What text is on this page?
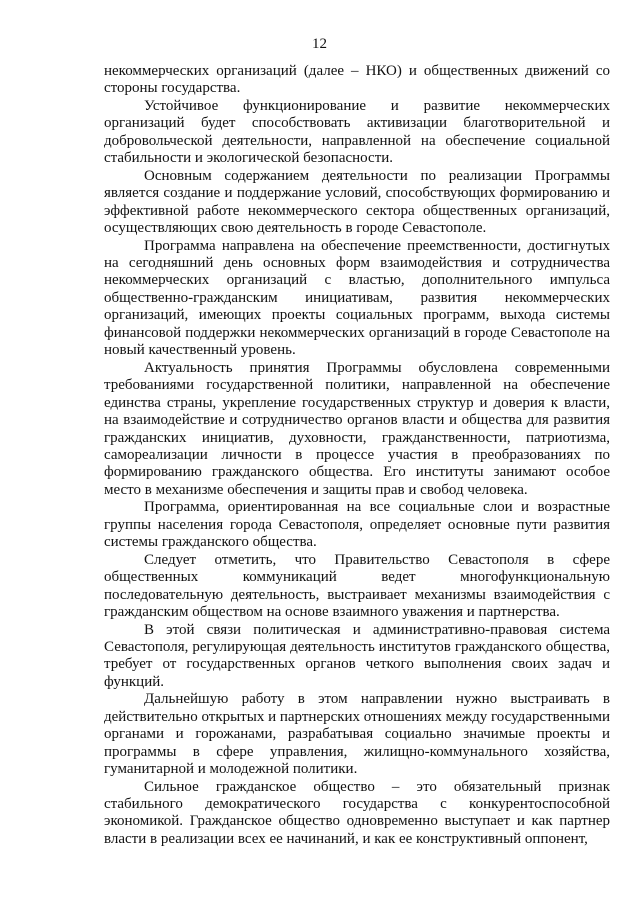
12

некоммерческих организаций (далее – НКО) и общественных движений со стороны государства.

Устойчивое функционирование и развитие некоммерческих организаций будет способствовать активизации благотворительной и добровольческой деятельности, направленной на обеспечение социальной стабильности и экологической безопасности.

Основным содержанием деятельности по реализации Программы является создание и поддержание условий, способствующих формированию и эффективной работе некоммерческого сектора общественных организаций, осуществляющих свою деятельность в городе Севастополе.

Программа направлена на обеспечение преемственности, достигнутых на сегодняшний день основных форм взаимодействия и сотрудничества некоммерческих организаций с властью, дополнительного импульса общественно-гражданским инициативам, развития некоммерческих организаций, имеющих проекты социальных программ, выхода системы финансовой поддержки некоммерческих организаций в городе Севастополе на новый качественный уровень.

Актуальность принятия Программы обусловлена современными требованиями государственной политики, направленной на обеспечение единства страны, укрепление государственных структур и доверия к власти, на взаимодействие и сотрудничество органов власти и общества для развития гражданских инициатив, духовности, гражданственности, патриотизма, самореализации личности в процессе участия в преобразованиях по формированию гражданского общества. Его институты занимают особое место в механизме обеспечения и защиты прав и свобод человека.

Программа, ориентированная на все социальные слои и возрастные группы населения города Севастополя, определяет основные пути развития системы гражданского общества.

Следует отметить, что Правительство Севастополя в сфере общественных коммуникаций ведет многофункциональную последовательную деятельность, выстраивает механизмы взаимодействия с гражданским обществом на основе взаимного уважения и партнерства.

В этой связи политическая и административно-правовая система Севастополя, регулирующая деятельность институтов гражданского общества, требует от государственных органов четкого выполнения своих задач и функций.

Дальнейшую работу в этом направлении нужно выстраивать в действительно открытых и партнерских отношениях между государственными органами и горожанами, разрабатывая социально значимые проекты и программы в сфере управления, жилищно-коммунального хозяйства, гуманитарной и молодежной политики.

Сильное гражданское общество – это обязательный признак стабильного демократического государства с конкурентоспособной экономикой. Гражданское общество одновременно выступает и как партнер власти в реализации всех ее начинаний, и как ее конструктивный оппонент,
